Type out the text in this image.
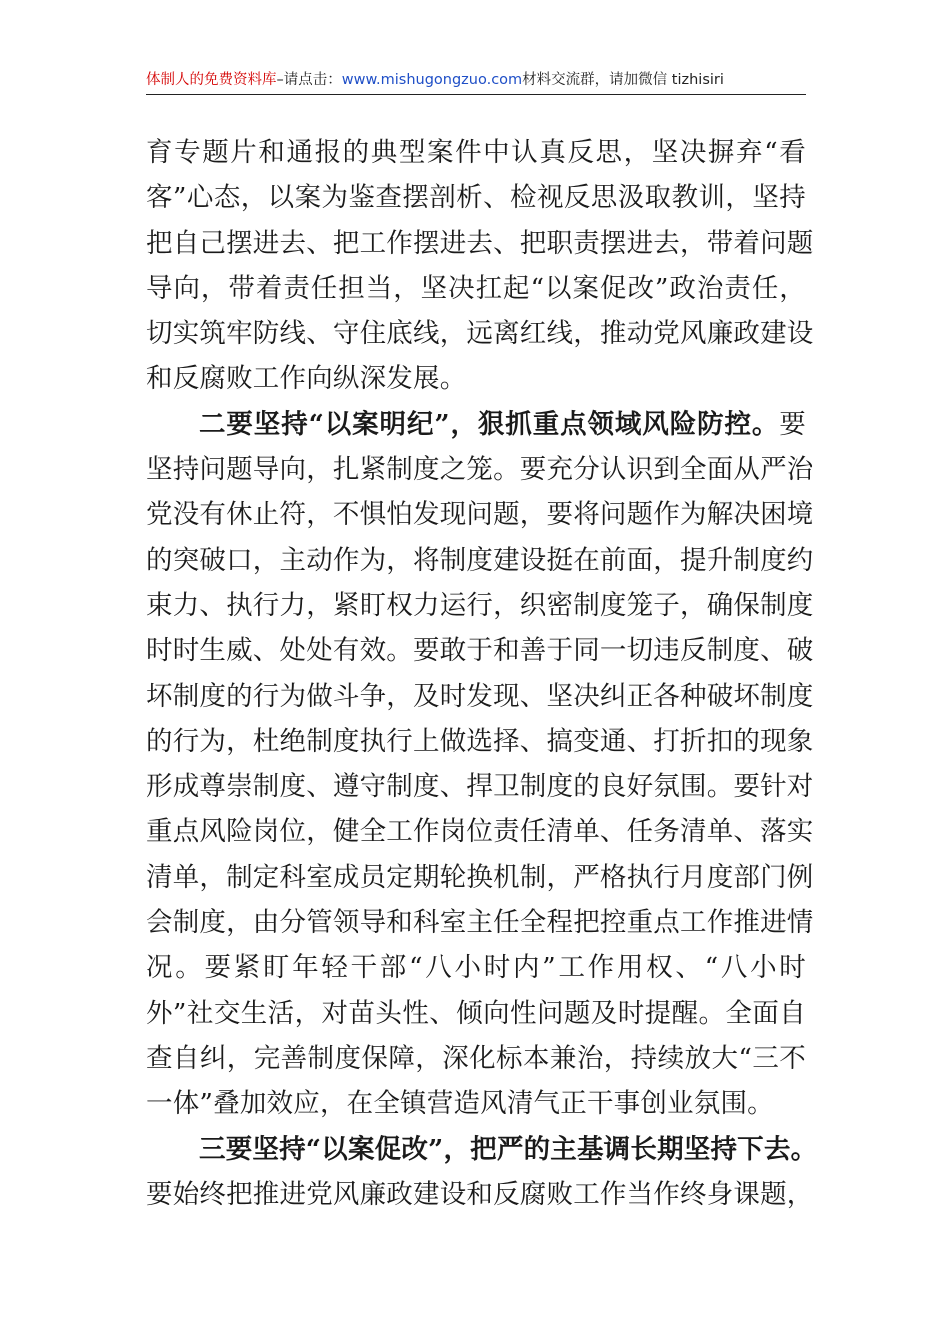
体制人的免费资料库–请点击：www.mishugongzuo.com材料交流群，请加微信 tizhisiri
育专题片和通报的典型案件中认真反思，坚决摒弃“看
客”心态，以案为鉴查摆剖析、检视反思汲取教训，坚持
把自己摆进去、把工作摆进去、把职责摆进去，带着问题
导向，带着责任担当，坚决扛起“以案促改”政治责任，
切实筑牢防线、守住底线，远离红线，推动党风廉政建设
和反腐败工作向纵深发展。
二要坚持“以案明纪”，狠抓重点领域风险防控。要
坚持问题导向，扎紧制度之笼。要充分认识到全面从严治
党没有休止符，不惧怕发现问题，要将问题作为解决困境
的突破口，主动作为，将制度建设挺在前面，提升制度约
束力、执行力，紧盯权力运行，织密制度笼子，确保制度
时时生威、处处有效。要敢于和善于同一切违反制度、破
坏制度的行为做斗争，及时发现、坚决纠正各种破坏制度
的行为，杜绝制度执行上做选择、搞变通、打折扣的现象
形成尊崇制度、遵守制度、捍卫制度的良好氛围。要针对
重点风险岗位，健全工作岗位责任清单、任务清单、落实
清单，制定科室成员定期轮换机制，严格执行月度部门例
会制度，由分管领导和科室主任全程把控重点工作推进情
况。要紧盯年轻干部“八小时内”工作用权、“八小时
外”社交生活，对苗头性、倾向性问题及时提醒。全面自
查自纠，完善制度保障，深化标本兼治，持续放大“三不
一体”叠加效应，在全镇营造风清气正干事创业氛围。
三要坚持“以案促改”，把严的主基调长期坚持下去。
要始终把推进党风廉政建设和反腐败工作当作终身课题，
